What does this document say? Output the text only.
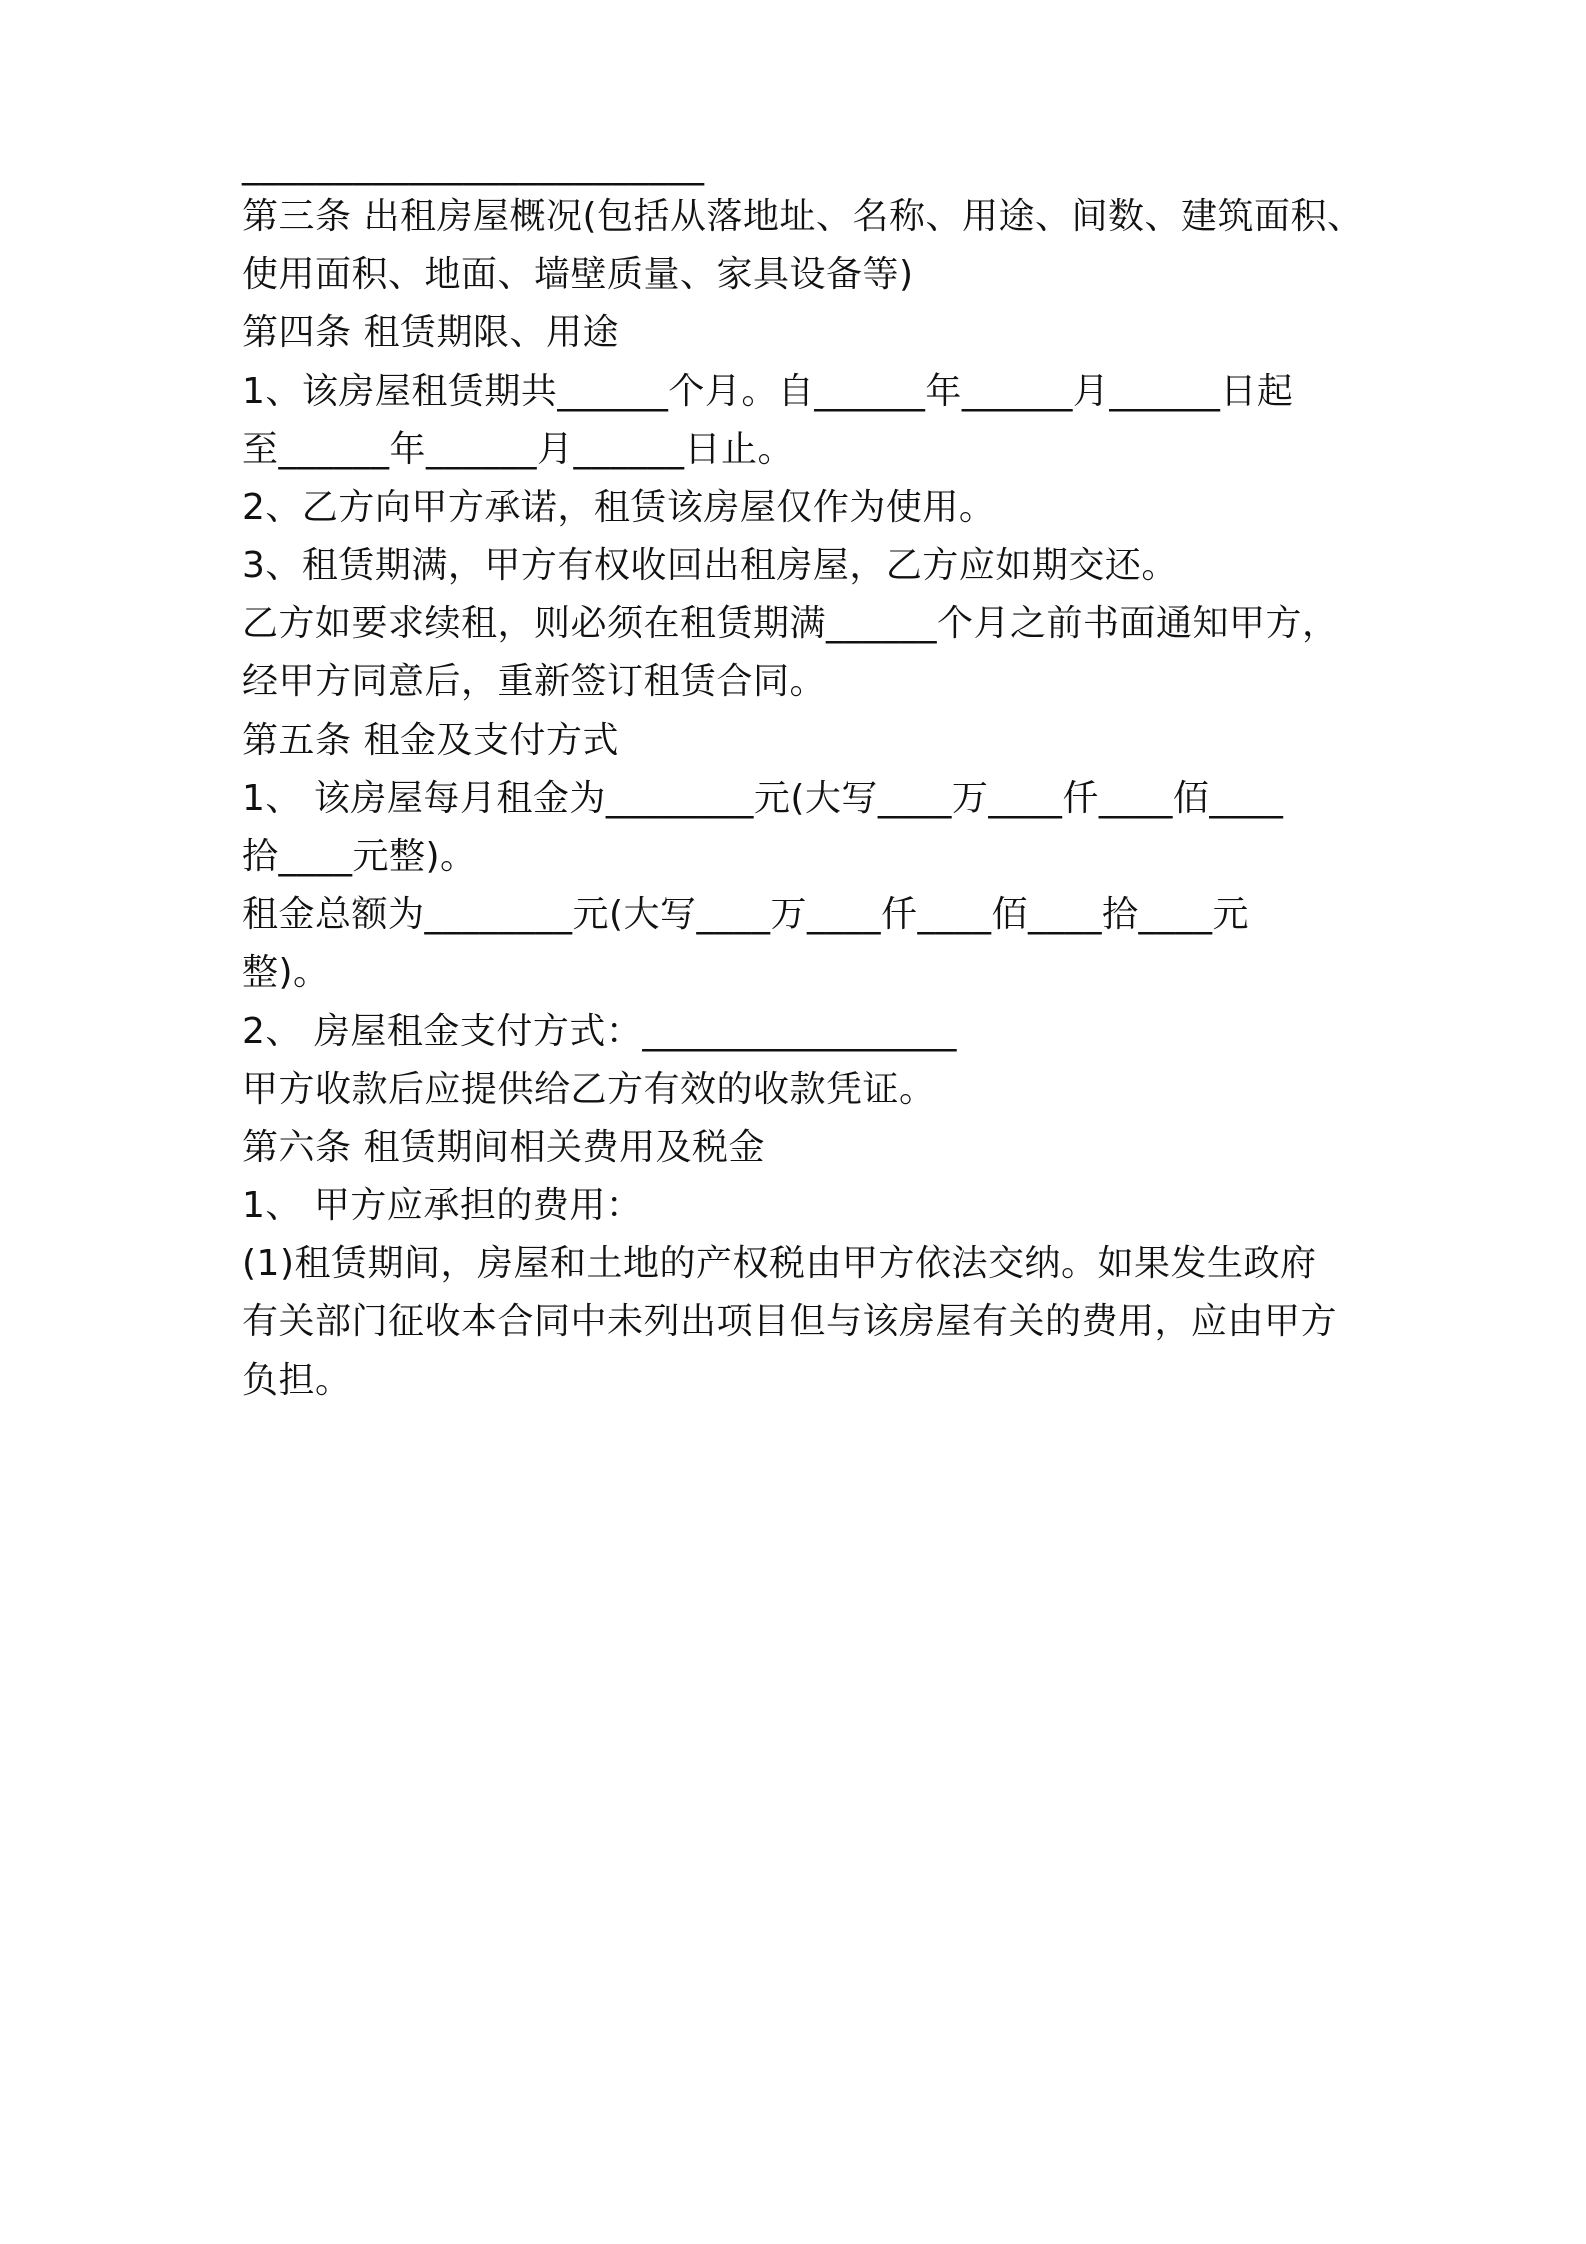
_________________________
第三条 出租房屋概况(包括从落地址、名称、用途、间数、建筑面积、
使用面积、地面、墙壁质量、家具设备等)
第四条 租赁期限、用途
1、该房屋租赁期共______个月。自______年______月______日起
至______年______月______日止。
2、乙方向甲方承诺，租赁该房屋仅作为使用。
3、租赁期满，甲方有权收回出租房屋，乙方应如期交还。
乙方如要求续租，则必须在租赁期满______个月之前书面通知甲方，
经甲方同意后，重新签订租赁合同。
第五条 租金及支付方式
1、 该房屋每月租金为________元(大写____万____仟____佰____
拾____元整)。
租金总额为________元(大写____万____仟____佰____拾____元
整)。
2、 房屋租金支付方式：_________________
甲方收款后应提供给乙方有效的收款凭证。
第六条 租赁期间相关费用及税金
1、 甲方应承担的费用：
(1)租赁期间，房屋和土地的产权税由甲方依法交纳。如果发生政府
有关部门征收本合同中未列出项目但与该房屋有关的费用，应由甲方
负担。
